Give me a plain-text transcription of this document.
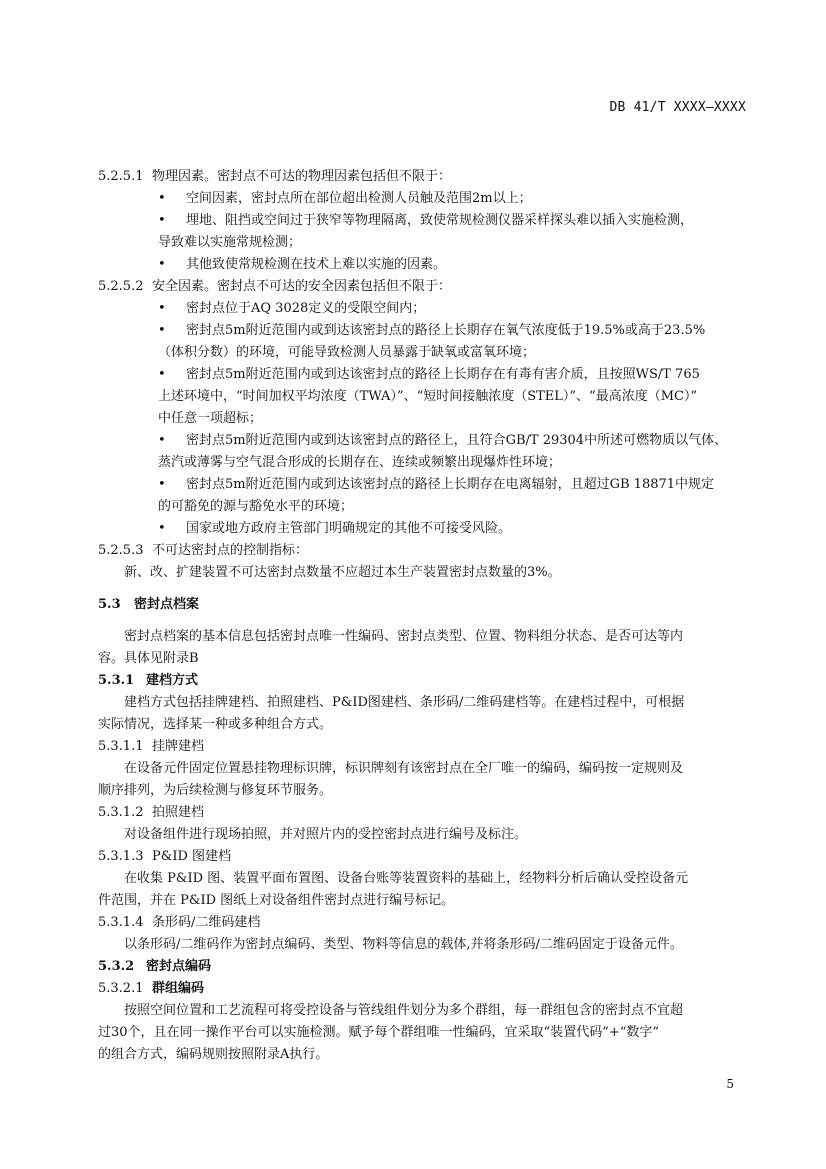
DB 41/T XXXX—XXXX
5.2.5.1 物理因素。密封点不可达的物理因素包括但不限于：
•	空间因素，密封点所在部位超出检测人员触及范围2m以上；
•	埋地、阻挡或空间过于狭窄等物理隔离，致使常规检测仪器采样探头难以插入实施检测，
导致难以实施常规检测；
•	其他致使常规检测在技术上难以实施的因素。
5.2.5.2 安全因素。密封点不可达的安全因素包括但不限于：
•	密封点位于AQ 3028定义的受限空间内；
•	密封点5m附近范围内或到达该密封点的路径上长期存在氧气浓度低于19.5%或高于23.5%
（体积分数）的环境，可能导致检测人员暴露于缺氧或富氧环境；
•	密封点5m附近范围内或到达该密封点的路径上长期存在有毒有害介质，且按照WS/T 765
上述环境中，“时间加权平均浓度（TWA）”、“短时间接触浓度（STEL）”、“最高浓度（MC）”
中任意一项超标；
•	密封点5m附近范围内或到达该密封点的路径上，且符合GB/T 29304中所述可燃物质以气体、
蒸汽或薄雾与空气混合形成的长期存在、连续或频繁出现爆炸性环境；
•	密封点5m附近范围内或到达该密封点的路径上长期存在电离辐射，且超过GB 18871中规定
的可豁免的源与豁免水平的环境；
•	国家或地方政府主管部门明确规定的其他不可接受风险。
5.2.5.3 不可达密封点的控制指标：
新、改、扩建装置不可达密封点数量不应超过本生产装置密封点数量的3%。
5.3 密封点档案
密封点档案的基本信息包括密封点唯一性编码、密封点类型、位置、物料组分状态、是否可达等内
容。具体见附录B
5.3.1 建档方式
建档方式包括挂牌建档、拍照建档、P&ID图建档、条形码/二维码建档等。在建档过程中，可根据
实际情况，选择某一种或多种组合方式。
5.3.1.1 挂牌建档
在设备元件固定位置悬挂物理标识牌，标识牌刻有该密封点在全厂唯一的编码，编码按一定规则及
顺序排列，为后续检测与修复环节服务。
5.3.1.2 拍照建档
对设备组件进行现场拍照，并对照片内的受控密封点进行编号及标注。
5.3.1.3 P&ID 图建档
在收集 P&ID 图、装置平面布置图、设备台账等装置资料的基础上，经物料分析后确认受控设备元
件范围，并在 P&ID 图纸上对设备组件密封点进行编号标记。
5.3.1.4 条形码/二维码建档
以条形码/二维码作为密封点编码、类型、物料等信息的载体,并将条形码/二维码固定于设备元件。
5.3.2 密封点编码
5.3.2.1 群组编码
按照空间位置和工艺流程可将受控设备与管线组件划分为多个群组，每一群组包含的密封点不宜超
过30个，且在同一操作平台可以实施检测。赋予每个群组唯一性编码，宜采取“装置代码”+“数字”
的组合方式，编码规则按照附录A执行。
5
